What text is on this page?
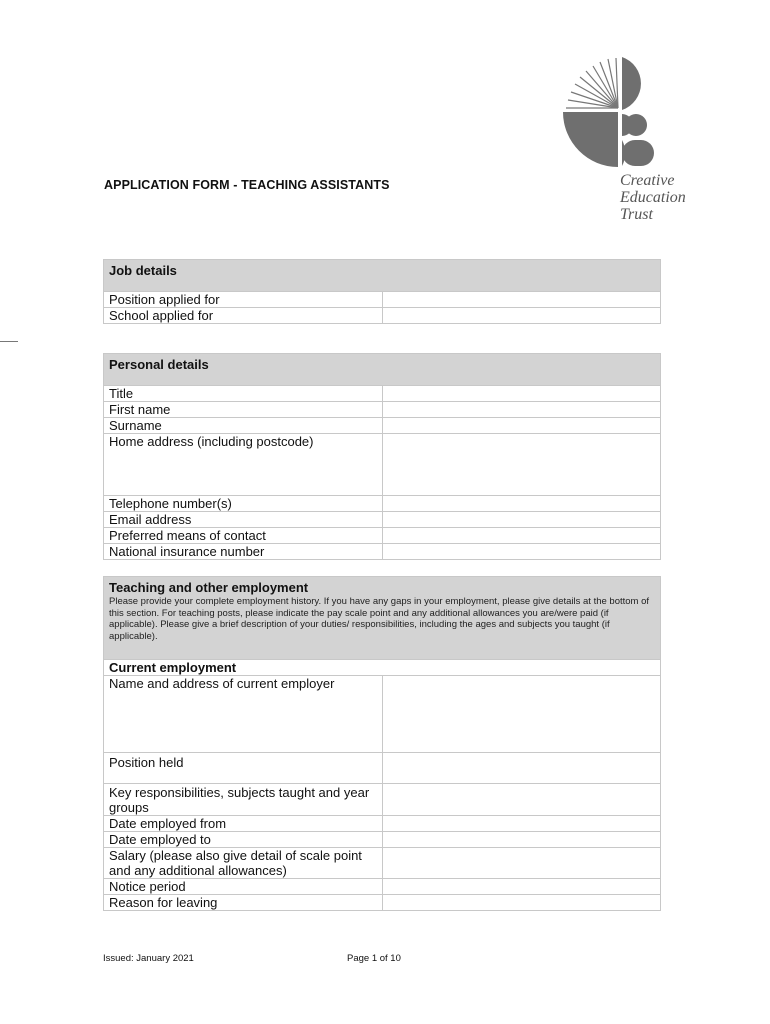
Creative
Education
Trust
APPLICATION FORM - TEACHING ASSISTANTS
Job details	
Position applied for	
School applied for	
Personal details	
Title	
First name	
Surname	
Home address (including postcode)	
Telephone number(s)	
Email address	
Preferred means of contact	
National insurance number	
Teaching and other employment
Please provide your complete employment history. If you have any gaps in your employment, please give details at the bottom of this section. For teaching posts, please indicate the pay scale point and any additional allowances you are/were paid (if applicable). Please give a brief description of your duties/ responsibilities, including the ages and subjects you taught (if applicable).	

Current employment	
Name and address of current employer	
Position held	
Key responsibilities, subjects taught and year groups	
Date employed from	
Date employed to	
Salary (please also give detail of scale point and any additional allowances)	
Notice period	
Reason for leaving	
Issued: January 2021	Page 1 of 10
